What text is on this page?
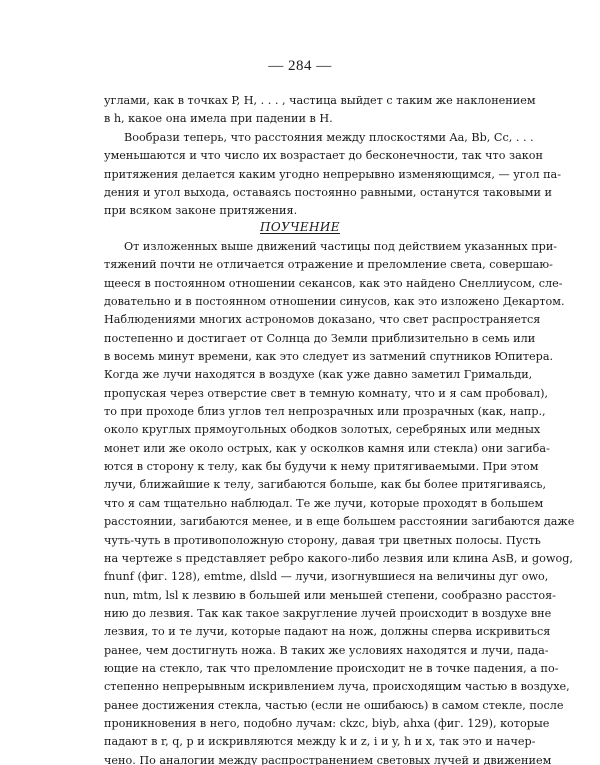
— 284 —
углами, как в точках P, H, . . . , частица выйдет с таким же наклонением
в h, какое она имела при падении в H.
Вообрази теперь, что расстояния между плоскостями Aa, Bb, Cc, . . .
уменьшаются и что число их возрастает до бесконечности, так что закон
притяжения делается каким угодно непрерывно изменяющимся, — угол па-
дения и угол выхода, оставаясь постоянно равными, останутся таковыми и
при всяком законе притяжения.
ПОУЧЕНИЕ
От изложенных выше движений частицы под действием указанных при-
тяжений почти не отличается отражение и преломление света, совершаю-
щееся в постоянном отношении секансов, как это найдено Снеллиусом, сле-
довательно и в постоянном отношении синусов, как это изложено Декартом.
Наблюдениями многих астрономов доказано, что свет распространяется
постепенно и достигает от Солнца до Земли приблизительно в семь или
в восемь минут времени, как это следует из затмений спутников Юпитера.
Когда же лучи находятся в воздухе (как уже давно заметил Гримальди,
пропуская через отверстие свет в темную комнату, что и я сам пробовал),
то при проходе близ углов тел непрозрачных или прозрачных (как, напр.,
около круглых прямоугольных ободков золотых, серебряных или медных
монет или же около острых, как у осколков камня или стекла) они загиба-
ются в сторону к телу, как бы будучи к нему притягиваемыми. При этом
лучи, ближайшие к телу, загибаются больше, как бы более притягиваясь,
что я сам тщательно наблюдал. Те же лучи, которые проходят в большем
расстоянии, загибаются менее, и в еще большем расстоянии загибаются даже
чуть-чуть в противоположную сторону, давая три цветных полосы. Пусть
на чертеже s представляет ребро какого-либо лезвия или клина AsB, и gowog,
fnunf (фиг. 128), emtme, dlsld — лучи, изогнувшиеся на величины дуг owo,
nun, mtm, lsl к лезвию в большей или меньшей степени, сообразно расстоя-
нию до лезвия. Так как такое закругление лучей происходит в воздухе вне
лезвия, то и те лучи, которые падают на нож, должны сперва искривиться
ранее, чем достигнуть ножа. В таких же условиях находятся и лучи, пада-
ющие на стекло, так что преломление происходит не в точке падения, а по-
степенно непрерывным искривлением луча, происходящим частью в воздухе,
ранее достижения стекла, частью (если не ошибаюсь) в самом стекле, после
проникновения в него, подобно лучам: ckzc, biyb, ahxa (фиг. 129), которые
падают в r, q, p и искривляются между k и z, i и y, h и x, так это и начер-
чено. По аналогии между распространением световых лучей и движением
